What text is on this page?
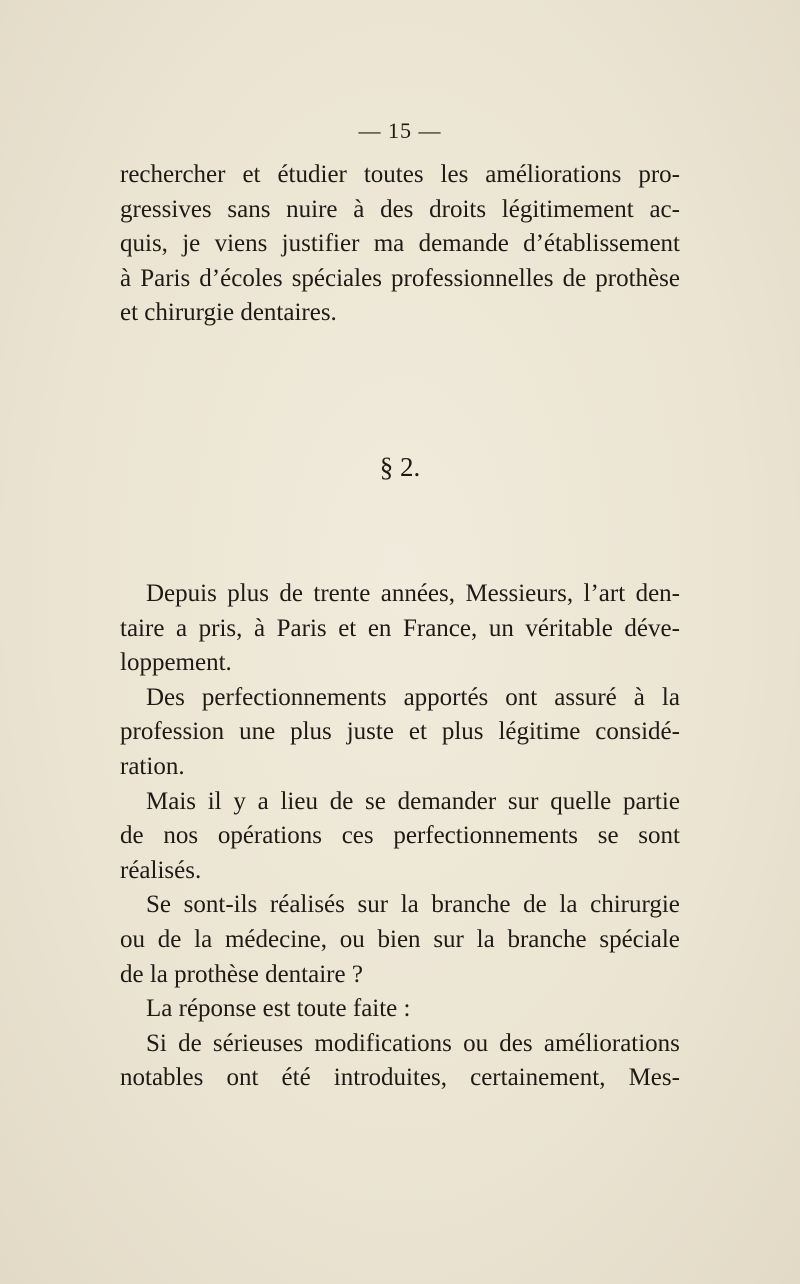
— 15 —
rechercher et étudier toutes les améliorations pro-
gressives sans nuire à des droits légitimement ac-
quis, je viens justifier ma demande d’établissement
à Paris d’écoles spéciales professionnelles de prothèse
et chirurgie dentaires.
§ 2.
Depuis plus de trente années, Messieurs, l’art den-
taire a pris, à Paris et en France, un véritable déve-
loppement.
Des perfectionnements apportés ont assuré à la
profession une plus juste et plus légitime considé-
ration.
Mais il y a lieu de se demander sur quelle partie
de nos opérations ces perfectionnements se sont
réalisés.
Se sont-ils réalisés sur la branche de la chirurgie
ou de la médecine, ou bien sur la branche spéciale
de la prothèse dentaire ?
La réponse est toute faite :
Si de sérieuses modifications ou des améliorations
notables ont été introduites, certainement, Mes-
